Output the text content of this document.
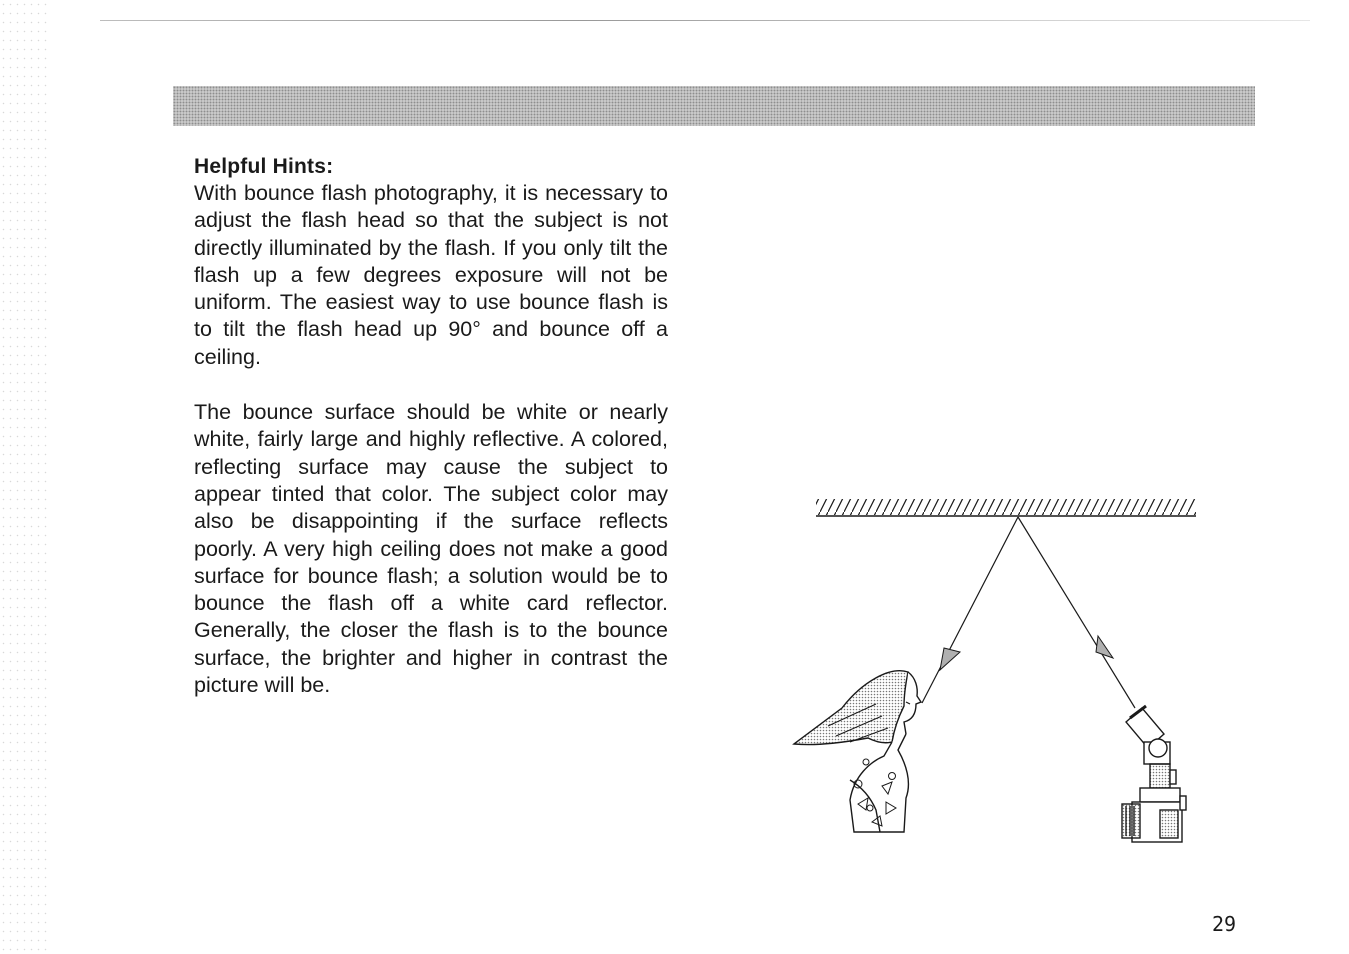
Helpful Hints:

With bounce flash photography, it is necessary to adjust the flash head so that the subject is not directly illuminated by the flash. If you only tilt the flash up a few degrees exposure will not be uniform. The easiest way to use bounce flash is to tilt the flash head up 90° and bounce off a ceiling.

The bounce surface should be white or nearly white, fairly large and highly reflective. A colored, reflecting surface may cause the subject to appear tinted that color. The subject color may also be disappointing if the surface reflects poorly. A very high ceiling does not make a good surface for bounce flash; a solution would be to bounce the flash off a white card reflector. Generally, the closer the flash is to the bounce surface, the brighter and higher in contrast the picture will be.

29
